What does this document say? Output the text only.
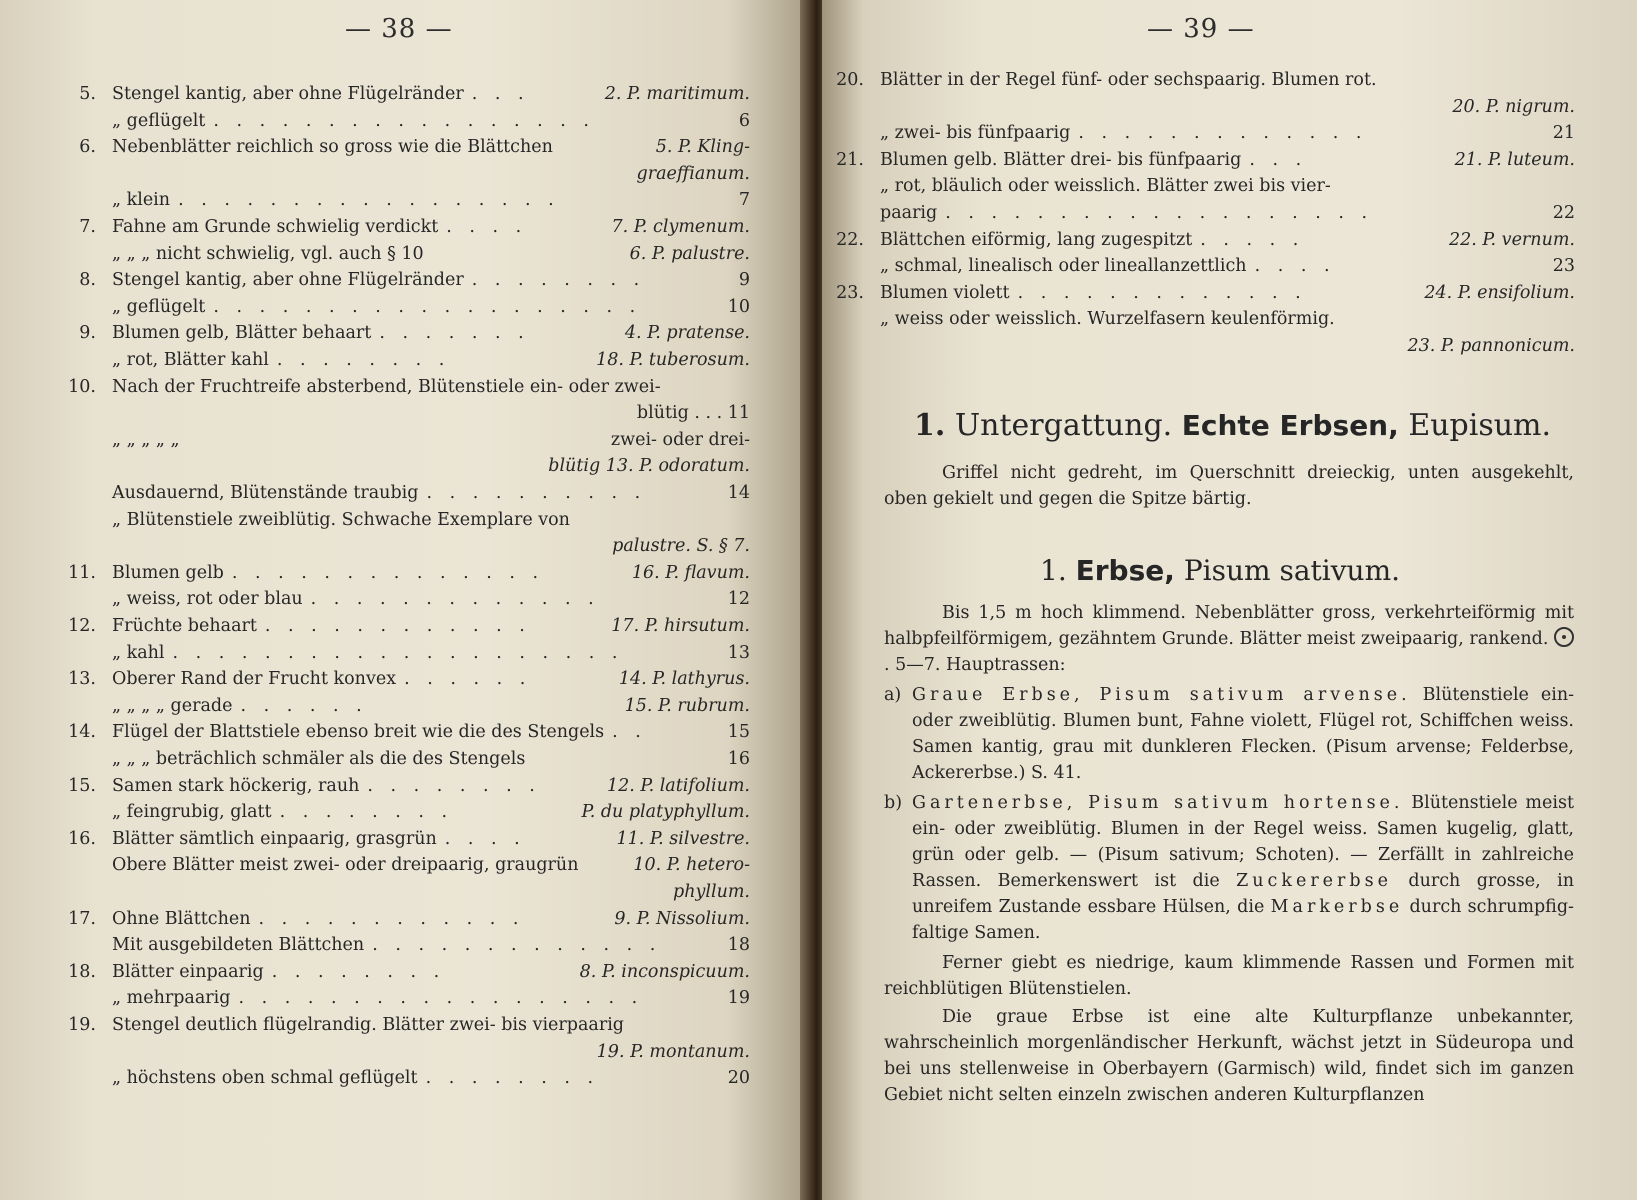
— 38 —
5. Stengel kantig, aber ohne Flügelränder . . .	2. P. maritimum.
„ geflügelt . . . . . . . . . . . . . . . . .	6
6. Nebenblätter reichlich so gross wie die Blättchen	5. P. Kling-
graeffianum.
„ klein . . . . . . . . . . . . . . . . .	7
7. Fahne am Grunde schwielig verdickt . . . .	7. P. clymenum.
„ „ „ nicht schwielig, vgl. auch § 10	6. P. palustre.
8. Stengel kantig, aber ohne Flügelränder . . . . . . . .	9
„ geflügelt . . . . . . . . . . . . . . . . . . .	10
9. Blumen gelb, Blätter behaart . . . . . . .	4. P. pratense.
„ rot, Blätter kahl . . . . . . . .	18. P. tuberosum.
10. Nach der Fruchtreife absterbend, Blütenstiele ein- oder zwei-
blütig . . . 11
„ „ „ „ „	zwei- oder drei-
blütig 13. P. odoratum.
Ausdauernd, Blütenstände traubig . . . . . . . . . .	14
„ Blütenstiele zweiblütig. Schwache Exemplare von
palustre. S. § 7.
11. Blumen gelb . . . . . . . . . . . . . .	16. P. flavum.
„ weiss, rot oder blau . . . . . . . . . . . . .	12
12. Früchte behaart . . . . . . . . . . . .	17. P. hirsutum.
„ kahl . . . . . . . . . . . . . . . . . . . .	13
13. Oberer Rand der Frucht konvex . . . . . .	14. P. lathyrus.
„ „ „ „ gerade . . . . . .	15. P. rubrum.
14. Flügel der Blattstiele ebenso breit wie die des Stengels . .	15
„ „ „ beträchlich schmäler als die des Stengels	16
15. Samen stark höckerig, rauh . . . . . . . .	12. P. latifolium.
„ feingrubig, glatt . . . . . . . .	P. du platyphyllum.
16. Blätter sämtlich einpaarig, grasgrün . . . .	11. P. silvestre.
Obere Blätter meist zwei- oder dreipaarig, graugrün	10. P. hetero-
phyllum.
17. Ohne Blättchen . . . . . . . . . . . .	9. P. Nissolium.
Mit ausgebildeten Blättchen . . . . . . . . . . . . .	18
18. Blätter einpaarig . . . . . . . .	8. P. inconspicuum.
„ mehrpaarig . . . . . . . . . . . . . . . . . .	19
19. Stengel deutlich flügelrandig. Blätter zwei- bis vierpaarig
19. P. montanum.
„ höchstens oben schmal geflügelt . . . . . . . .	20
— 39 —
20. Blätter in der Regel fünf- oder sechspaarig. Blumen rot.
20. P. nigrum.
„ zwei- bis fünfpaarig . . . . . . . . . . . . .	21
21. Blumen gelb. Blätter drei- bis fünfpaarig . . .	21. P. luteum.
„ rot, bläulich oder weisslich. Blätter zwei bis vier-
paarig . . . . . . . . . . . . . . . . . . .	22
22. Blättchen eiförmig, lang zugespitzt . . . . .	22. P. vernum.
„ schmal, linealisch oder lineallanzettlich . . . .	23
23. Blumen violett . . . . . . . . . . . . .	24. P. ensifolium.
„ weiss oder weisslich. Wurzelfasern keulenförmig.
23. P. pannonicum.
1. Untergattung. Echte Erbsen, Eupisum.
Griffel nicht gedreht, im Querschnitt dreieckig, unten ausgekehlt, oben gekielt und gegen die Spitze bärtig.
1. Erbse, Pisum sativum.
Bis 1,5 m hoch klimmend. Nebenblätter gross, verkehrteiförmig mit halbpfeilförmigem, gezähntem Grunde. Blätter meist zweipaarig, rankend. . 5—7. Hauptrassen:
a) Graue Erbse, Pisum sativum arvense. Blütenstiele ein- oder zweiblütig. Blumen bunt, Fahne violett, Flügel rot, Schiffchen weiss. Samen kantig, grau mit dunkleren Flecken. (Pisum arvense; Felderbse, Ackererbse.) S. 41.
b) Gartenerbse, Pisum sativum hortense. Blütenstiele meist ein- oder zweiblütig. Blumen in der Regel weiss. Samen kugelig, glatt, grün oder gelb. — (Pisum sativum; Schoten). — Zerfällt in zahlreiche Rassen. Bemerkenswert ist die Zuckererbse durch grosse, in unreifem Zustande essbare Hülsen, die Markerbse durch schrumpfig-faltige Samen.
Ferner giebt es niedrige, kaum klimmende Rassen und Formen mit reichblütigen Blütenstielen.
Die graue Erbse ist eine alte Kulturpflanze unbekannter, wahrscheinlich morgenländischer Herkunft, wächst jetzt in Südeuropa und bei uns stellenweise in Oberbayern (Garmisch) wild, findet sich im ganzen Gebiet nicht selten einzeln zwischen anderen Kulturpflanzen
